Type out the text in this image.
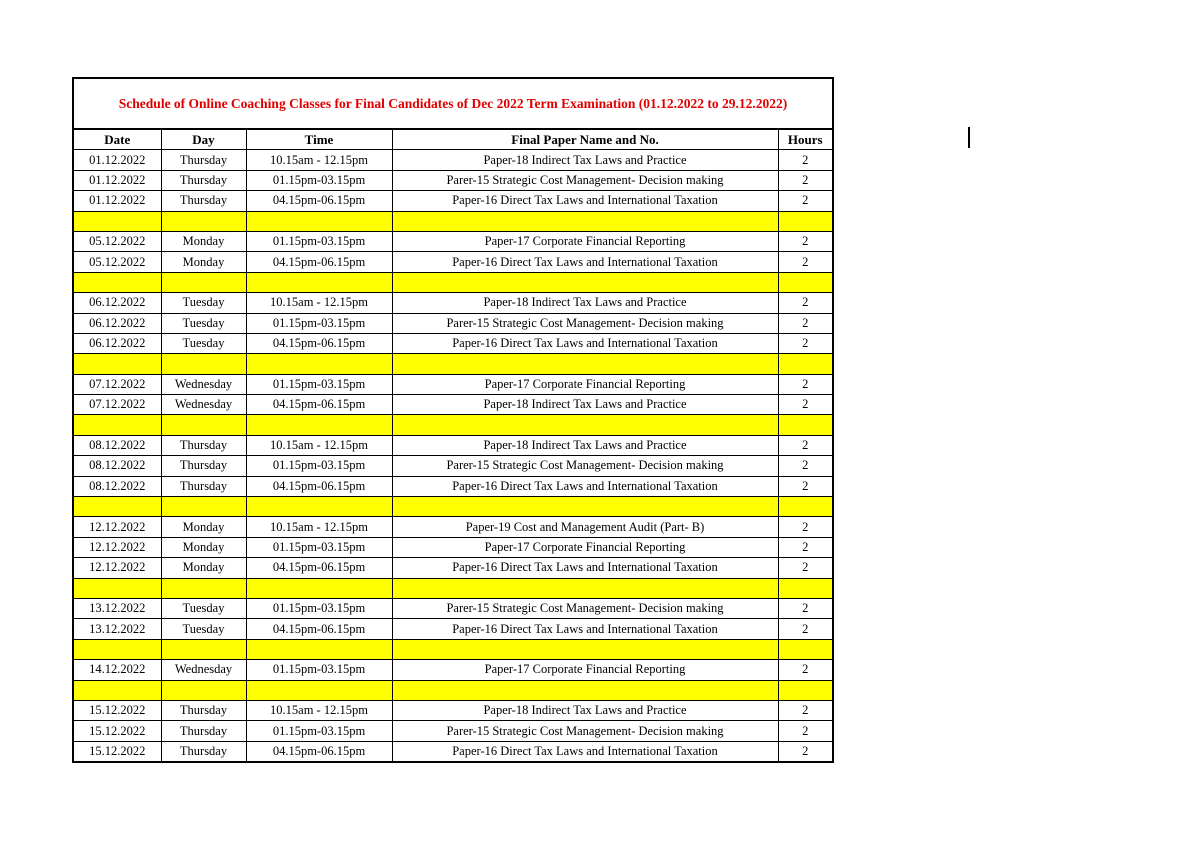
Schedule of Online Coaching Classes for Final Candidates of Dec 2022 Term Examination (01.12.2022 to 29.12.2022)
Date	Day	Time	Final Paper Name and No.	Hours
01.12.2022	Thursday	10.15am - 12.15pm	Paper-18 Indirect Tax Laws and Practice	2
01.12.2022	Thursday	01.15pm-03.15pm	Parer-15 Strategic Cost Management- Decision making	2
01.12.2022	Thursday	04.15pm-06.15pm	Paper-16 Direct Tax Laws and International Taxation	2

05.12.2022	Monday	01.15pm-03.15pm	Paper-17 Corporate Financial Reporting	2
05.12.2022	Monday	04.15pm-06.15pm	Paper-16 Direct Tax Laws and International Taxation	2

06.12.2022	Tuesday	10.15am - 12.15pm	Paper-18 Indirect Tax Laws and Practice	2
06.12.2022	Tuesday	01.15pm-03.15pm	Parer-15 Strategic Cost Management- Decision making	2
06.12.2022	Tuesday	04.15pm-06.15pm	Paper-16 Direct Tax Laws and International Taxation	2

07.12.2022	Wednesday	01.15pm-03.15pm	Paper-17 Corporate Financial Reporting	2
07.12.2022	Wednesday	04.15pm-06.15pm	Paper-18 Indirect Tax Laws and Practice	2

08.12.2022	Thursday	10.15am - 12.15pm	Paper-18 Indirect Tax Laws and Practice	2
08.12.2022	Thursday	01.15pm-03.15pm	Parer-15 Strategic Cost Management- Decision making	2
08.12.2022	Thursday	04.15pm-06.15pm	Paper-16 Direct Tax Laws and International Taxation	2

12.12.2022	Monday	10.15am - 12.15pm	Paper-19 Cost and Management Audit (Part- B)	2
12.12.2022	Monday	01.15pm-03.15pm	Paper-17 Corporate Financial Reporting	2
12.12.2022	Monday	04.15pm-06.15pm	Paper-16 Direct Tax Laws and International Taxation	2

13.12.2022	Tuesday	01.15pm-03.15pm	Parer-15 Strategic Cost Management- Decision making	2
13.12.2022	Tuesday	04.15pm-06.15pm	Paper-16 Direct Tax Laws and International Taxation	2

14.12.2022	Wednesday	01.15pm-03.15pm	Paper-17 Corporate Financial Reporting	2

15.12.2022	Thursday	10.15am - 12.15pm	Paper-18 Indirect Tax Laws and Practice	2
15.12.2022	Thursday	01.15pm-03.15pm	Parer-15 Strategic Cost Management- Decision making	2
15.12.2022	Thursday	04.15pm-06.15pm	Paper-16 Direct Tax Laws and International Taxation	2
